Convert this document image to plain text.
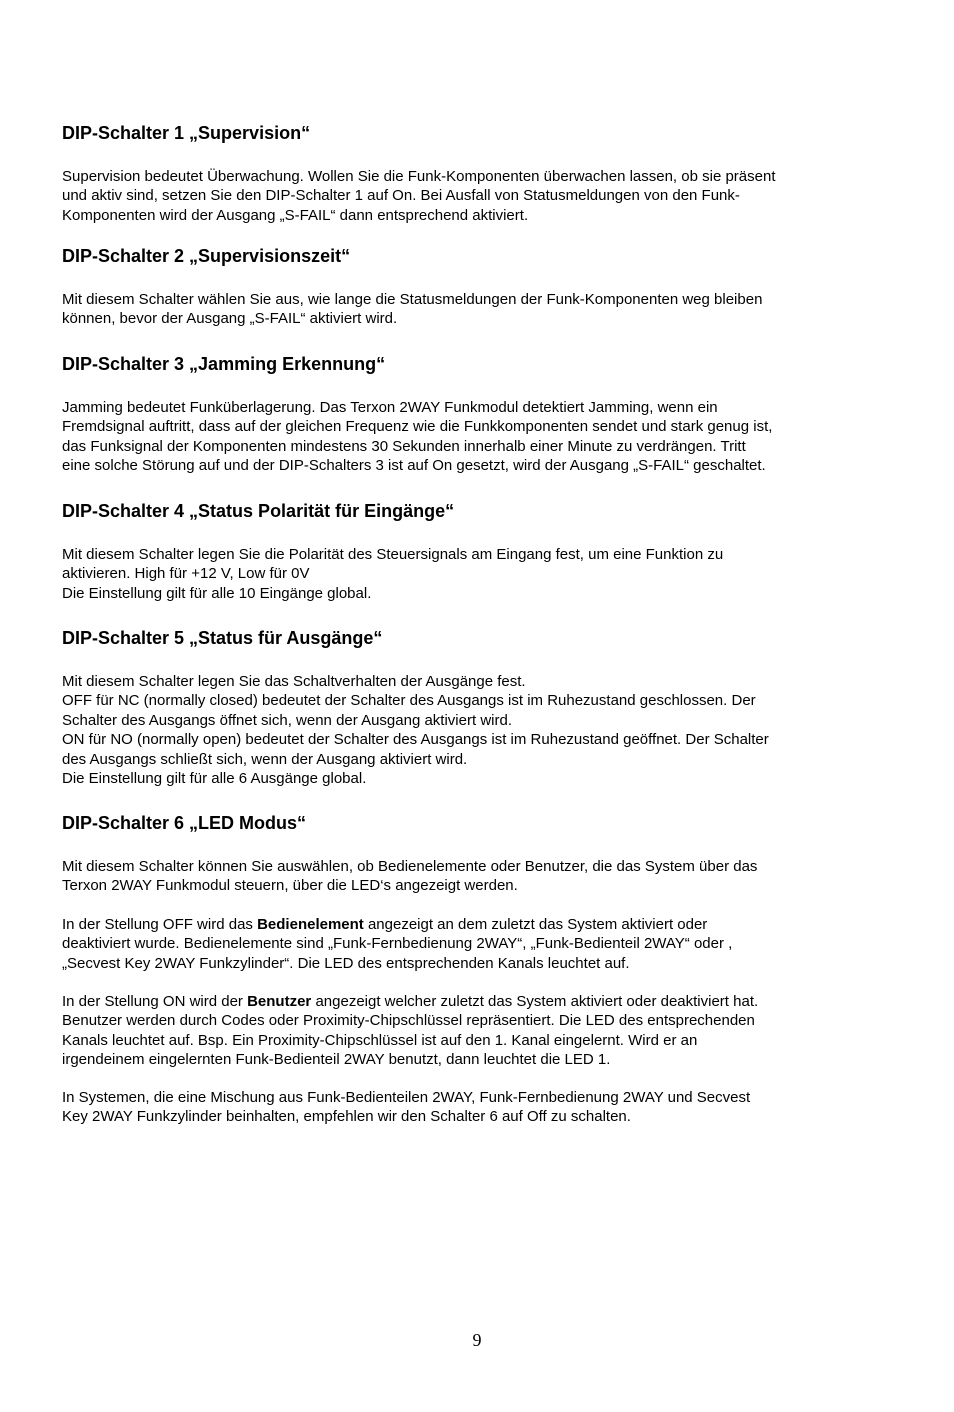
DIP-Schalter 1 „Supervision“
Supervision bedeutet Überwachung. Wollen Sie die Funk-Komponenten überwachen lassen, ob sie präsent
und aktiv sind, setzen Sie den DIP-Schalter 1 auf On. Bei Ausfall von Statusmeldungen von den Funk-
Komponenten wird der Ausgang „S-FAIL“ dann entsprechend aktiviert.
DIP-Schalter 2 „Supervisionszeit“
Mit diesem Schalter wählen Sie aus, wie lange die Statusmeldungen der Funk-Komponenten weg bleiben
können, bevor der Ausgang „S-FAIL“ aktiviert wird.
DIP-Schalter 3 „Jamming Erkennung“
Jamming bedeutet Funküberlagerung. Das Terxon 2WAY Funkmodul detektiert Jamming, wenn ein
Fremdsignal auftritt, dass auf der gleichen Frequenz wie die Funkkomponenten sendet und stark genug ist,
das Funksignal der Komponenten mindestens 30 Sekunden innerhalb einer Minute zu verdrängen. Tritt
eine solche Störung auf und der DIP-Schalters 3 ist auf On gesetzt, wird der Ausgang „S-FAIL“ geschaltet.
DIP-Schalter 4 „Status Polarität für Eingänge“
Mit diesem Schalter legen Sie die Polarität des Steuersignals am Eingang fest, um eine Funktion zu
aktivieren. High für +12 V, Low für 0V
Die Einstellung gilt für alle 10 Eingänge global.
DIP-Schalter 5 „Status für Ausgänge“
Mit diesem Schalter legen Sie das Schaltverhalten der Ausgänge fest.
OFF für NC (normally closed) bedeutet der Schalter des Ausgangs ist im Ruhezustand geschlossen. Der
Schalter des Ausgangs öffnet sich, wenn der Ausgang aktiviert wird.
ON für NO (normally open) bedeutet der Schalter des Ausgangs ist im Ruhezustand geöffnet. Der Schalter
des Ausgangs schließt sich, wenn der Ausgang aktiviert wird.
Die Einstellung gilt für alle 6 Ausgänge global.
DIP-Schalter 6 „LED Modus“
Mit diesem Schalter können Sie auswählen, ob Bedienelemente oder Benutzer, die das System über das
Terxon 2WAY Funkmodul steuern, über die LED‘s angezeigt werden.
In der Stellung OFF wird das Bedienelement angezeigt an dem zuletzt das System aktiviert oder
deaktiviert wurde. Bedienelemente sind „Funk-Fernbedienung 2WAY“, „Funk-Bedienteil 2WAY“ oder ,
„Secvest Key 2WAY Funkzylinder“. Die LED des entsprechenden Kanals leuchtet auf.
In der Stellung ON wird der Benutzer angezeigt welcher zuletzt das System aktiviert oder deaktiviert hat.
Benutzer werden durch Codes oder Proximity-Chipschlüssel repräsentiert. Die LED des entsprechenden
Kanals leuchtet auf. Bsp. Ein Proximity-Chipschlüssel ist auf den 1. Kanal eingelernt. Wird er an
irgendeinem eingelernten Funk-Bedienteil 2WAY benutzt, dann leuchtet die LED 1.
In Systemen, die eine Mischung aus Funk-Bedienteilen 2WAY, Funk-Fernbedienung 2WAY und Secvest
Key 2WAY Funkzylinder beinhalten, empfehlen wir den Schalter 6 auf Off zu schalten.
9
